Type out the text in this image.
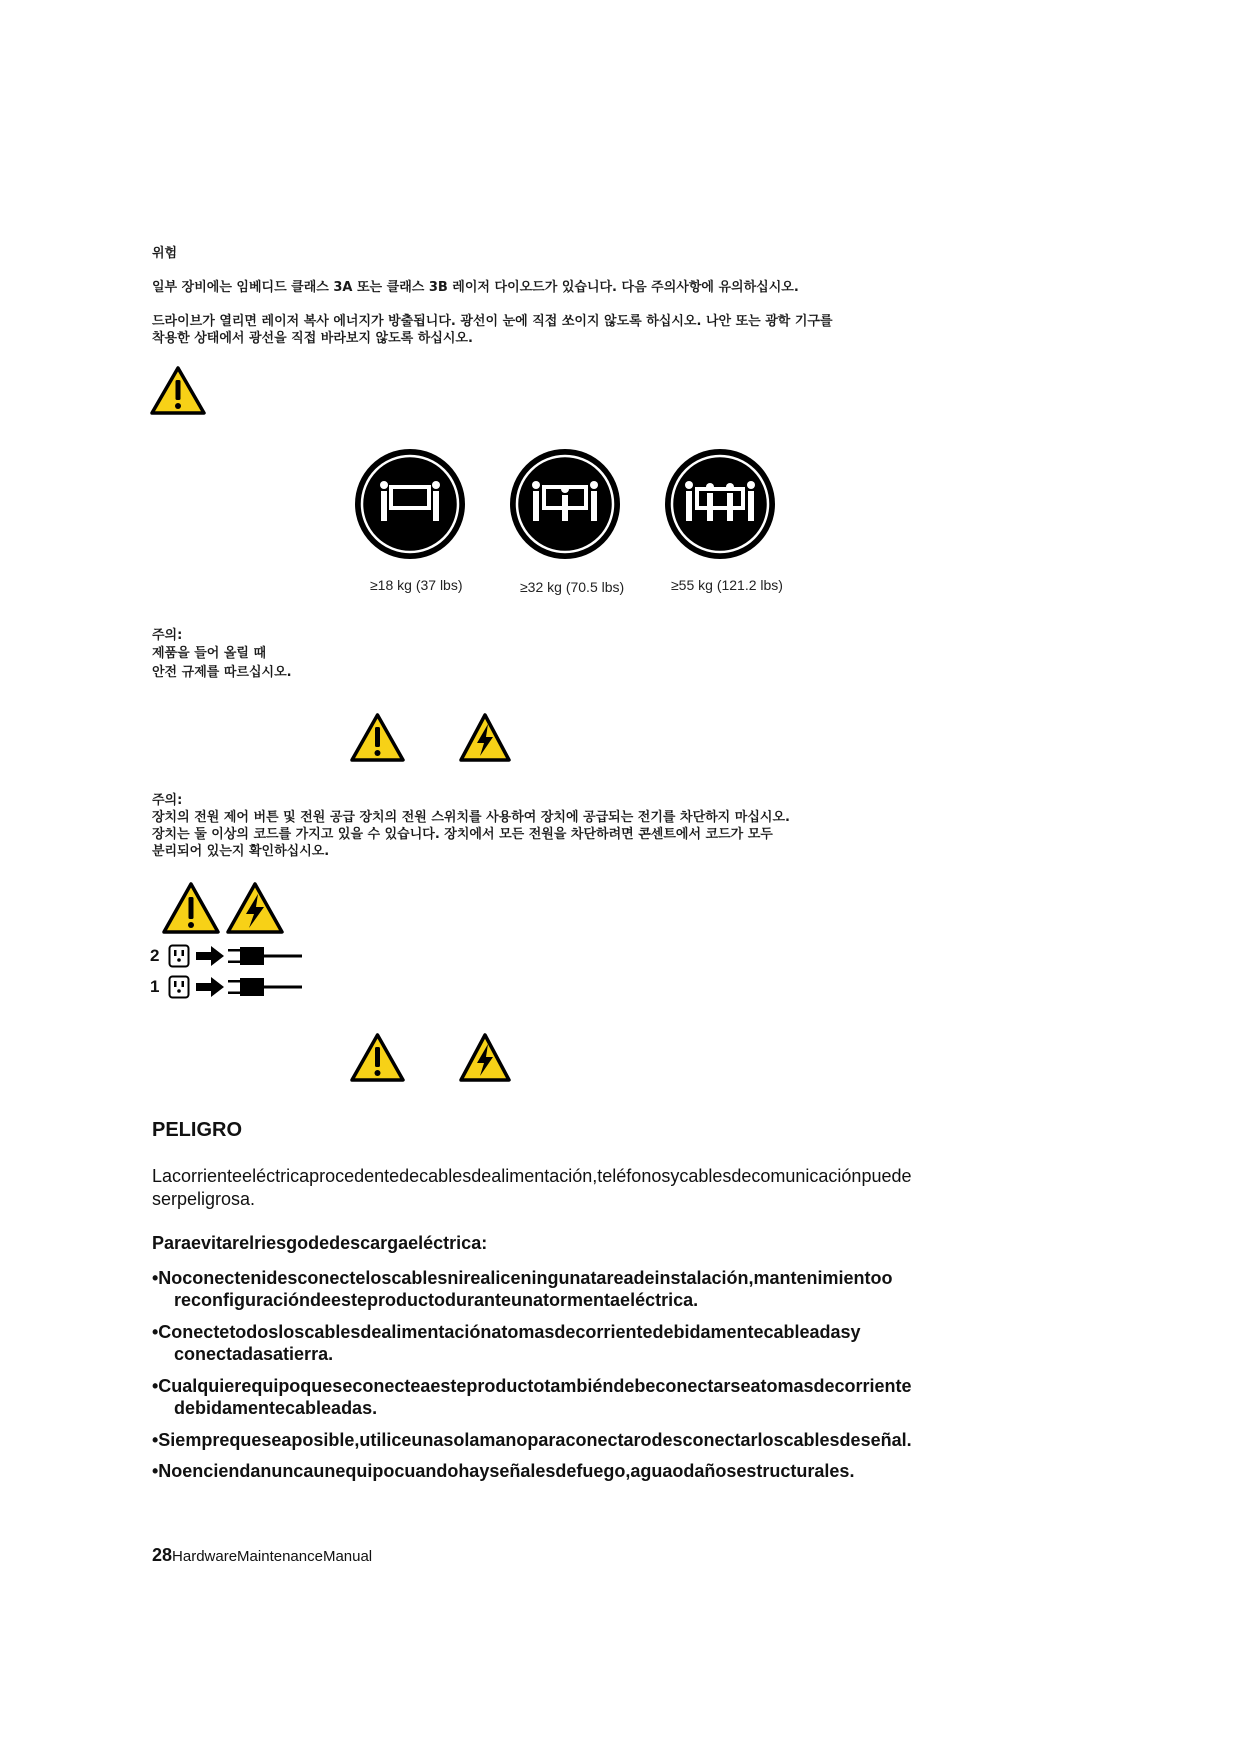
위험

일부 장비에는 임베디드 클래스 3A 또는 클래스 3B 레이저 다이오드가 있습니다. 다음 주의사항에 유의하십시오.

드라이브가 열리면 레이저 복사 에너지가 방출됩니다. 광선이 눈에 직접 쏘이지 않도록 하십시오. 나안 또는 광학 기구를

착용한 상태에서 광선을 직접 바라보지 않도록 하십시오.

≥18 kg (37 lbs)	≥32 kg (70.5 lbs)	≥55 kg (121.2 lbs)

주의:

제품을 들어 올릴 때

안전 규제를 따르십시오.

주의:

장치의 전원 제어 버튼 및 전원 공급 장치의 전원 스위치를 사용하여 장치에 공급되는 전기를 차단하지 마십시오.

장치는 둘 이상의 코드를 가지고 있을 수 있습니다. 장치에서 모든 전원을 차단하려면 콘센트에서 코드가 모두

분리되어 있는지 확인하십시오.

2
1

PELIGRO

Lacorrienteeléctricaprocedentedecablesdealimentación,teléfonosycablesdecomunicaciónpuede

serpeligrosa.

Paraevitarelriesgodedescargaeléctrica:

•Noconectenidesconecteloscablesnirealiceningunatareadeinstalación,mantenimientoo
reconfiguracióndeesteproductoduranteunatormentaeléctrica.

•Conectetodosloscablesdealimentaciónatomasdecorrientedebidamentecableadasy
conectadasatierra.

•Cualquierequipoqueseconecteaesteproductotambiéndebeconectarseatomasdecorriente
debidamentecableadas.

•Siemprequeseaposible,utiliceunasolamanoparaconectarodesconectarloscablesdeseñal.

•Noenciendanuncaunequipocuandohayseñalesdefuego,aguaodañosestructurales.

28HardwareMaintenanceManual
